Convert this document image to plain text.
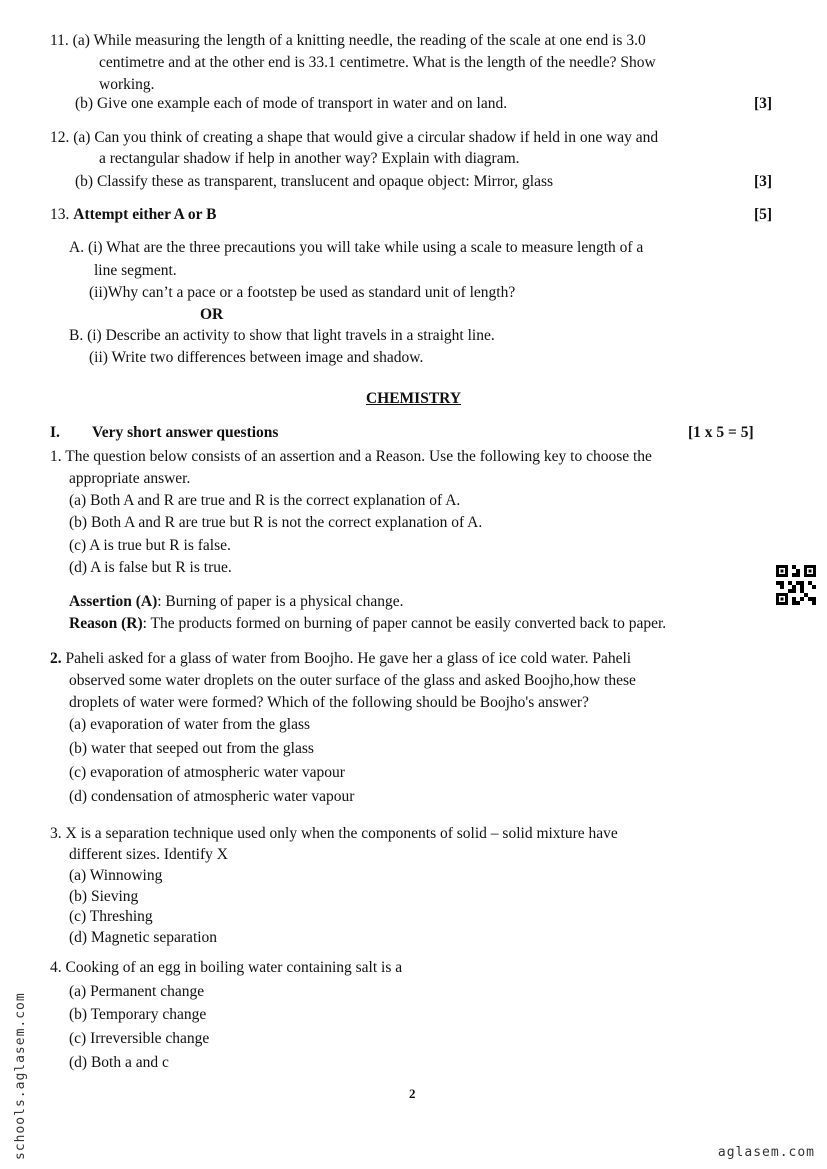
11. (a) While measuring the length of a knitting needle, the reading of the scale at one end is 3.0
centimetre and at the other end is 33.1 centimetre. What is the length of the needle? Show
working.
(b) Give one example each of mode of transport in water and on land.	[3]
12. (a) Can you think of creating a shape that would give a circular shadow if held in one way and
a rectangular shadow if help in another way? Explain with diagram.
(b) Classify these as transparent, translucent and opaque object: Mirror, glass	[3]
13. Attempt either A or B	[5]
A. (i) What are the three precautions you will take while using a scale to measure length of a
line segment.
(ii)Why can’t a pace or a footstep be used as standard unit of length?
OR
B. (i) Describe an activity to show that light travels in a straight line.
(ii) Write two differences between image and shadow.
CHEMISTRY
I. Very short answer questions	[1 x 5 = 5]
1. The question below consists of an assertion and a Reason. Use the following key to choose the
appropriate answer.
(a) Both A and R are true and R is the correct explanation of A.
(b) Both A and R are true but R is not the correct explanation of A.
(c) A is true but R is false.
(d) A is false but R is true.
Assertion (A): Burning of paper is a physical change.
Reason (R): The products formed on burning of paper cannot be easily converted back to paper.
2. Paheli asked for a glass of water from Boojho. He gave her a glass of ice cold water. Paheli
observed some water droplets on the outer surface of the glass and asked Boojho,how these
droplets of water were formed? Which of the following should be Boojho's answer?
(a) evaporation of water from the glass
(b) water that seeped out from the glass
(c) evaporation of atmospheric water vapour
(d) condensation of atmospheric water vapour
3. X is a separation technique used only when the components of solid – solid mixture have
different sizes. Identify X
(a) Winnowing
(b) Sieving
(c) Threshing
(d) Magnetic separation
4. Cooking of an egg in boiling water containing salt is a
(a) Permanent change
(b) Temporary change
(c) Irreversible change
(d) Both a and c
2
schools.aglasem.com	aglasem.com
